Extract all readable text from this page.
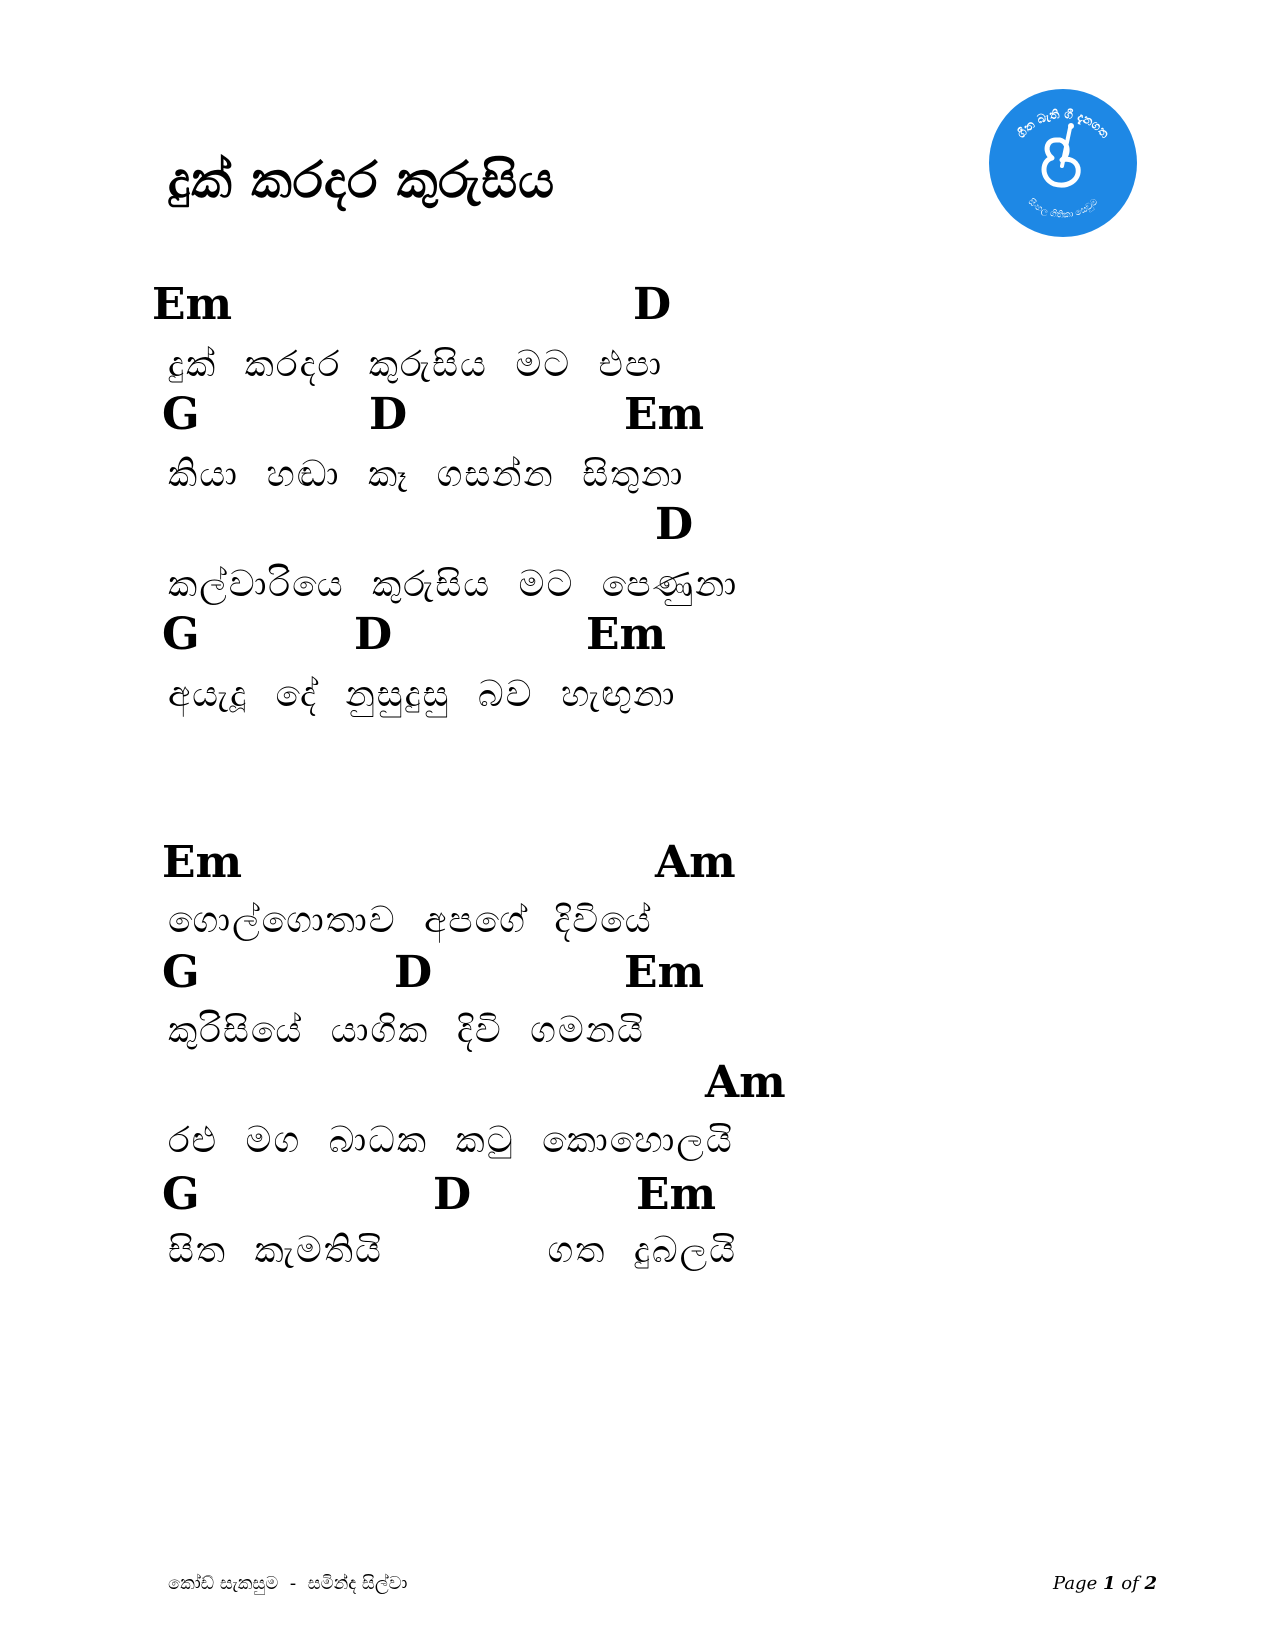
දුක් කරදර කුරුසිය
ගීත බැති ගී දැනගත
සිංහල ගිතිකා සෙවුම
Em	D
දුක් කරදර කුරුසිය මට එපා
G	D	Em
කියා හඬා කෑ ගසන්න සිතුනා
D
කල්වාරියෙ කුරුසිය මට පෙණුනා
G	D	Em
අයැදූ දේ නුසුදුසු බව හැඟුනා
Em	Am
ගොල්ගොතාව අපගේ දිවියේ
G	D	Em
කුරිසියේ යාගික දිවි ගමනයි
Am
රළු මග බාධක කටු කොහොලයි
G	D	Em
සිත කැමතියි      ගත දුබලයි
කෝඩ් සැකසුම  -  සමින්ද සිල්වා	Page 1 of 2
